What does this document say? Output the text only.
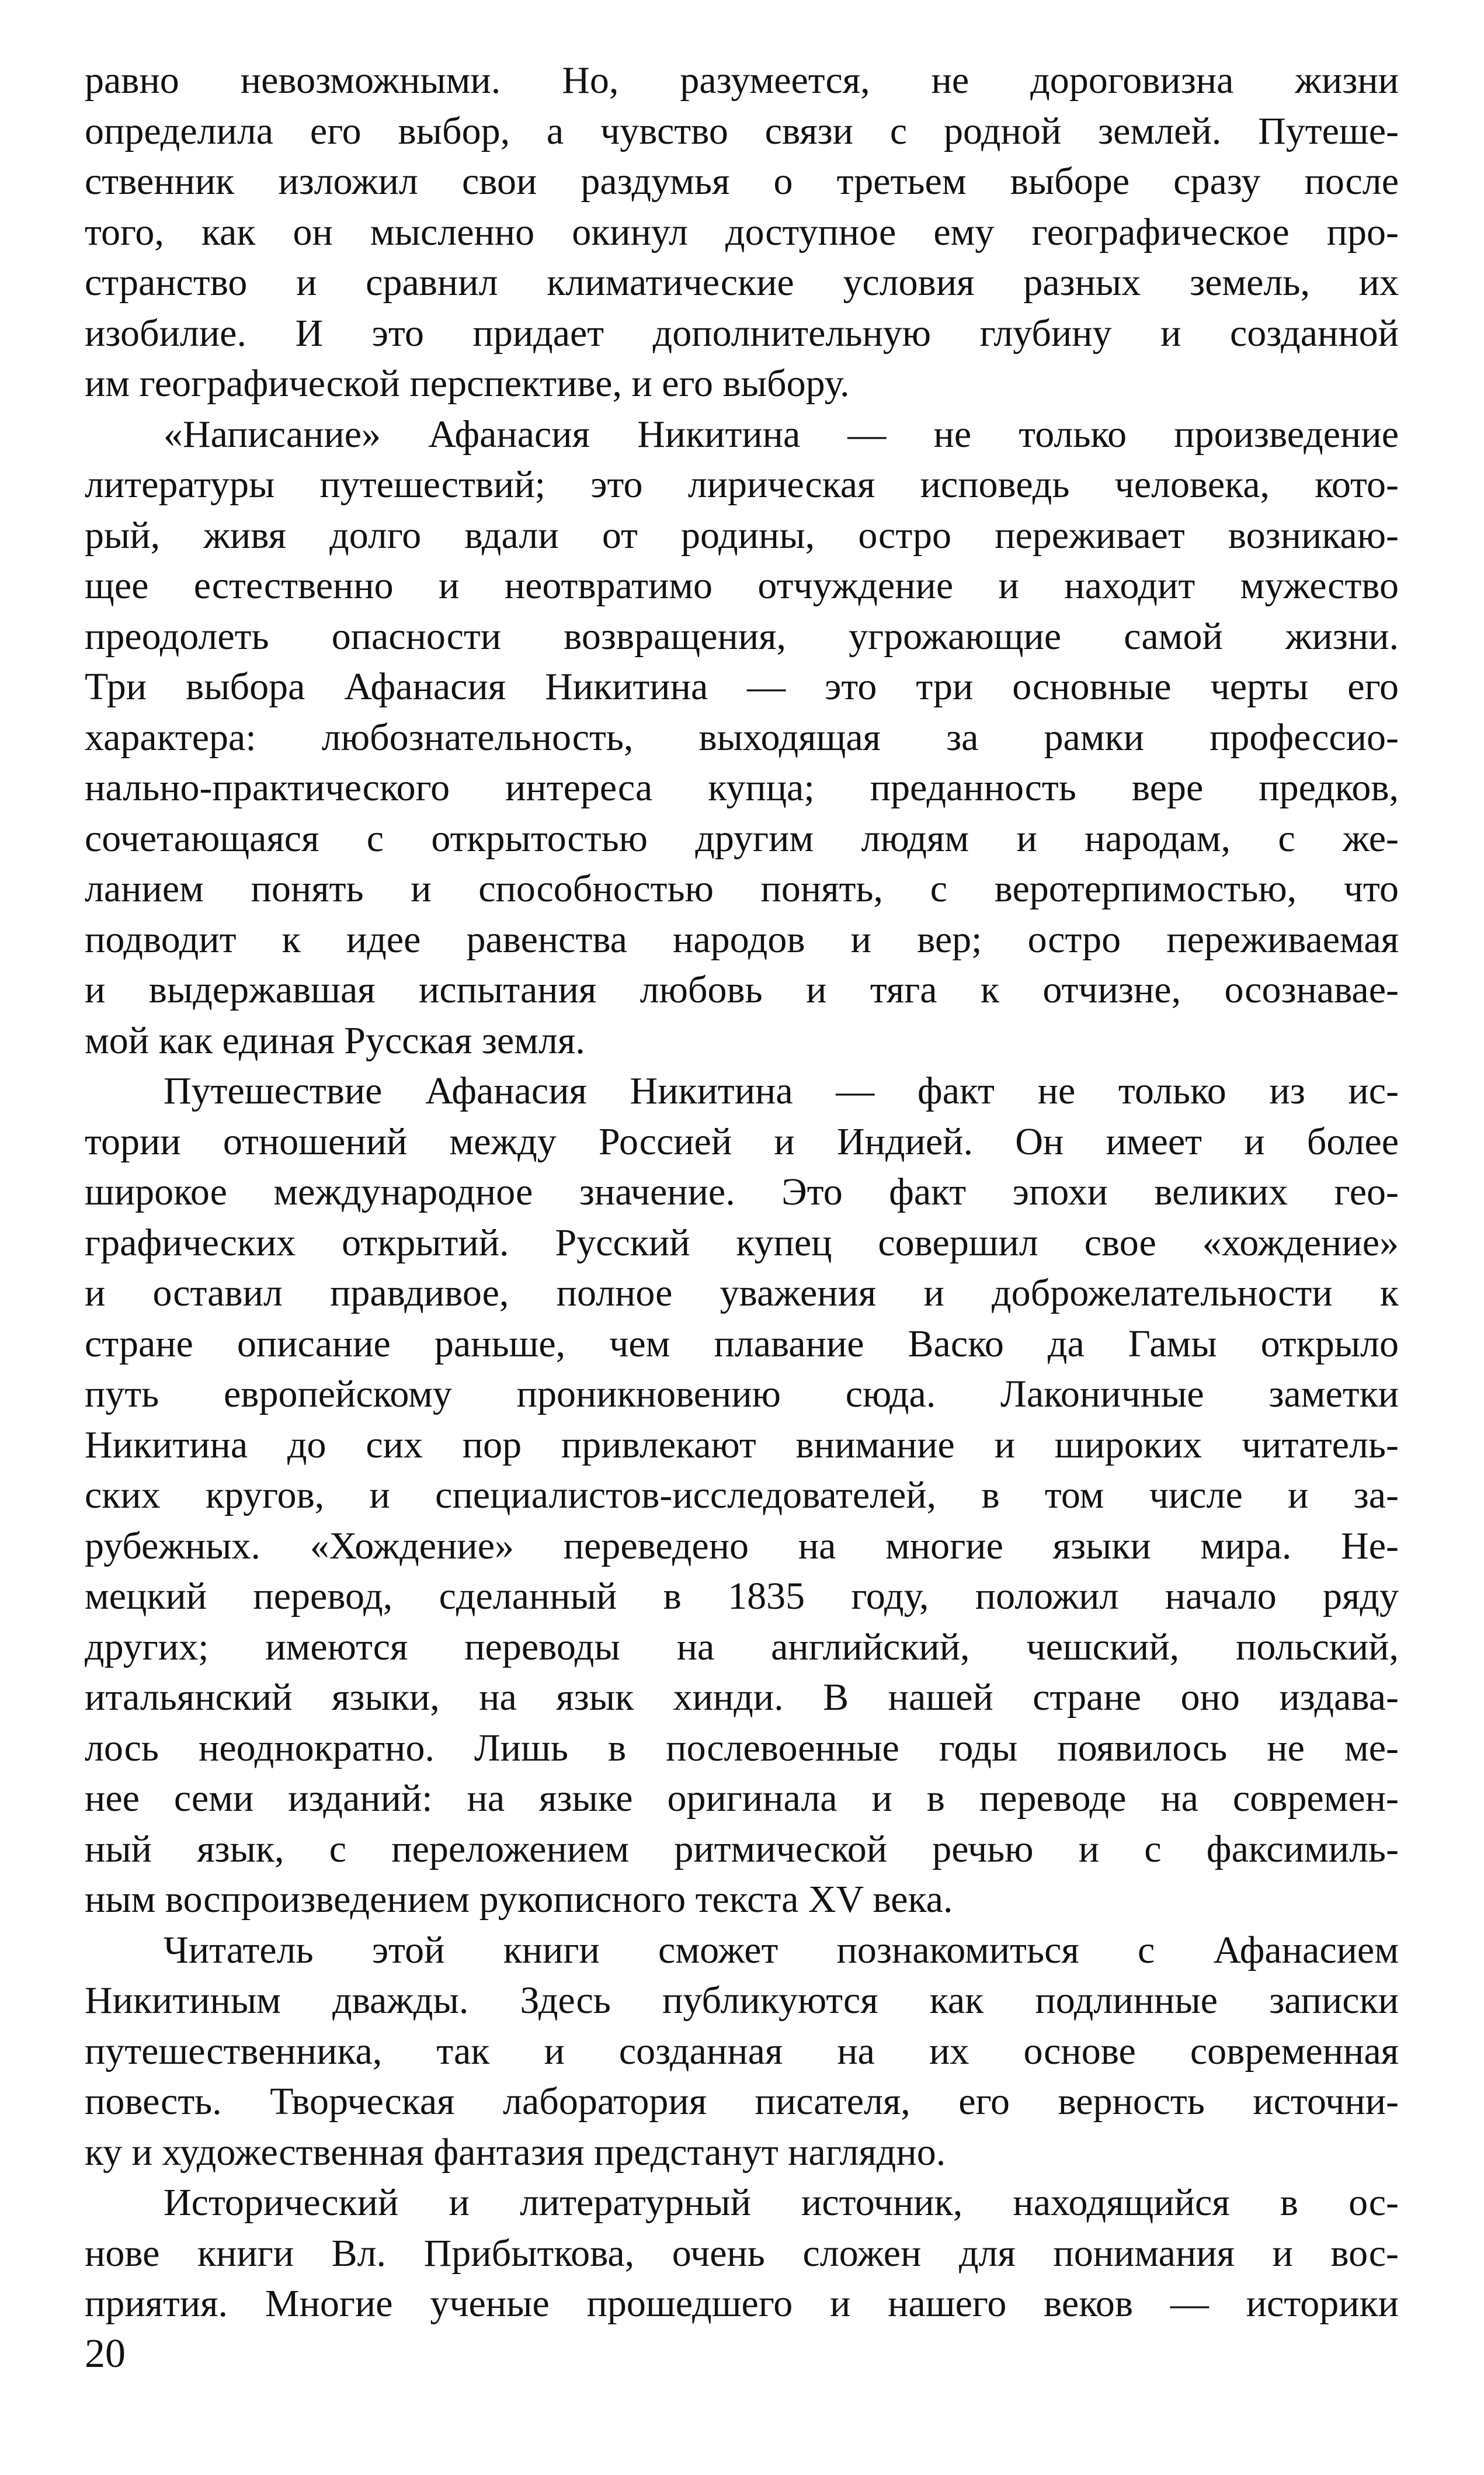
равно невозможными. Но, разумеется, не дороговизна жизни
определила его выбор, а чувство связи с родной землей. Путеше-
ственник изложил свои раздумья о третьем выборе сразу после
того, как он мысленно окинул доступное ему географическое про-
странство и сравнил климатические условия разных земель, их
изобилие. И это придает дополнительную глубину и созданной
им географической перспективе, и его выбору.

«Написание» Афанасия Никитина — не только произведение
литературы путешествий; это лирическая исповедь человека, кото-
рый, живя долго вдали от родины, остро переживает возникаю-
щее естественно и неотвратимо отчуждение и находит мужество
преодолеть опасности возвращения, угрожающие самой жизни.
Три выбора Афанасия Никитина — это три основные черты его
характера: любознательность, выходящая за рамки профессио-
нально-практического интереса купца; преданность вере предков,
сочетающаяся с открытостью другим людям и народам, с же-
ланием понять и способностью понять, с веротерпимостью, что
подводит к идее равенства народов и вер; остро переживаемая
и выдержавшая испытания любовь и тяга к отчизне, осознавае-
мой как единая Русская земля.

Путешествие Афанасия Никитина — факт не только из ис-
тории отношений между Россией и Индией. Он имеет и более
широкое международное значение. Это факт эпохи великих гео-
графических открытий. Русский купец совершил свое «хождение»
и оставил правдивое, полное уважения и доброжелательности к
стране описание раньше, чем плавание Васко да Гамы открыло
путь европейскому проникновению сюда. Лаконичные заметки
Никитина до сих пор привлекают внимание и широких читатель-
ских кругов, и специалистов-исследователей, в том числе и за-
рубежных. «Хождение» переведено на многие языки мира. Не-
мецкий перевод, сделанный в 1835 году, положил начало ряду
других; имеются переводы на английский, чешский, польский,
итальянский языки, на язык хинди. В нашей стране оно издава-
лось неоднократно. Лишь в послевоенные годы появилось не ме-
нее семи изданий: на языке оригинала и в переводе на современ-
ный язык, с переложением ритмической речью и с факсимиль-
ным воспроизведением рукописного текста XV века.

Читатель этой книги сможет познакомиться с Афанасием
Никитиным дважды. Здесь публикуются как подлинные записки
путешественника, так и созданная на их основе современная
повесть. Творческая лаборатория писателя, его верность источни-
ку и художественная фантазия предстанут наглядно.

Исторический и литературный источник, находящийся в ос-
нове книги Вл. Прибыткова, очень сложен для понимания и вос-
приятия. Многие ученые прошедшего и нашего веков — историки

20
